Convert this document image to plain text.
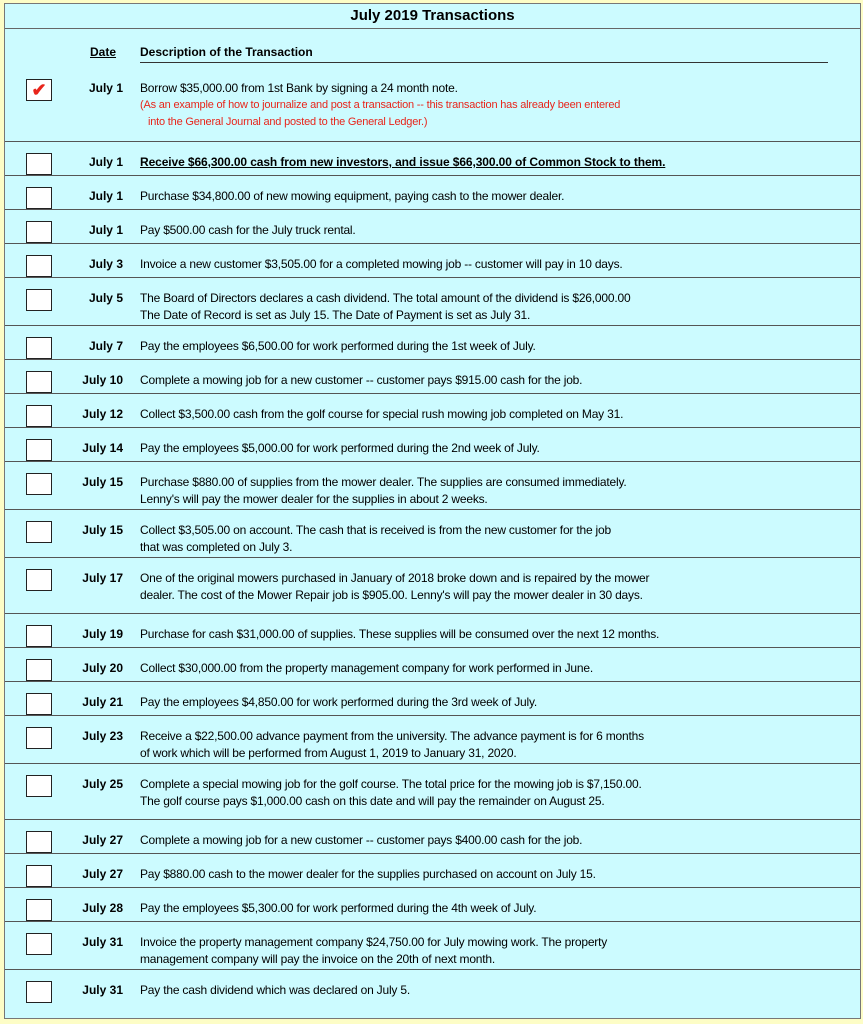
July 2019 Transactions
Date	Description of the Transaction
✔	July 1 Borrow $35,000.00 from 1st Bank by signing a 24 month note.
(As an example of how to journalize and post a transaction -- this transaction has already been entered
into the General Journal and posted to the General Ledger.)
July 1 Receive $66,300.00 cash from new investors, and issue $66,300.00 of Common Stock to them.
July 1 Purchase $34,800.00 of new mowing equipment, paying cash to the mower dealer.
July 1 Pay $500.00 cash for the July truck rental.
July 3 Invoice a new customer $3,505.00 for a completed mowing job -- customer will pay in 10 days.
July 5 The Board of Directors declares a cash dividend. The total amount of the dividend is $26,000.00
The Date of Record is set as July 15. The Date of Payment is set as July 31.
July 7 Pay the employees $6,500.00 for work performed during the 1st week of July.
July 10 Complete a mowing job for a new customer -- customer pays $915.00 cash for the job.
July 12 Collect $3,500.00 cash from the golf course for special rush mowing job completed on May 31.
July 14 Pay the employees $5,000.00 for work performed during the 2nd week of July.
July 15 Purchase $880.00 of supplies from the mower dealer. The supplies are consumed immediately.
Lenny's will pay the mower dealer for the supplies in about 2 weeks.
July 15 Collect $3,505.00 on account. The cash that is received is from the new customer for the job
that was completed on July 3.
July 17 One of the original mowers purchased in January of 2018 broke down and is repaired by the mower
dealer. The cost of the Mower Repair job is $905.00. Lenny's will pay the mower dealer in 30 days.
July 19 Purchase for cash $31,000.00 of supplies. These supplies will be consumed over the next 12 months.
July 20 Collect $30,000.00 from the property management company for work performed in June.
July 21 Pay the employees $4,850.00 for work performed during the 3rd week of July.
July 23 Receive a $22,500.00 advance payment from the university. The advance payment is for 6 months
of work which will be performed from August 1, 2019 to January 31, 2020.
July 25 Complete a special mowing job for the golf course. The total price for the mowing job is $7,150.00.
The golf course pays $1,000.00 cash on this date and will pay the remainder on August 25.
July 27 Complete a mowing job for a new customer -- customer pays $400.00 cash for the job.
July 27 Pay $880.00 cash to the mower dealer for the supplies purchased on account on July 15.
July 28 Pay the employees $5,300.00 for work performed during the 4th week of July.
July 31 Invoice the property management company $24,750.00 for July mowing work. The property
management company will pay the invoice on the 20th of next month.
July 31 Pay the cash dividend which was declared on July 5.
